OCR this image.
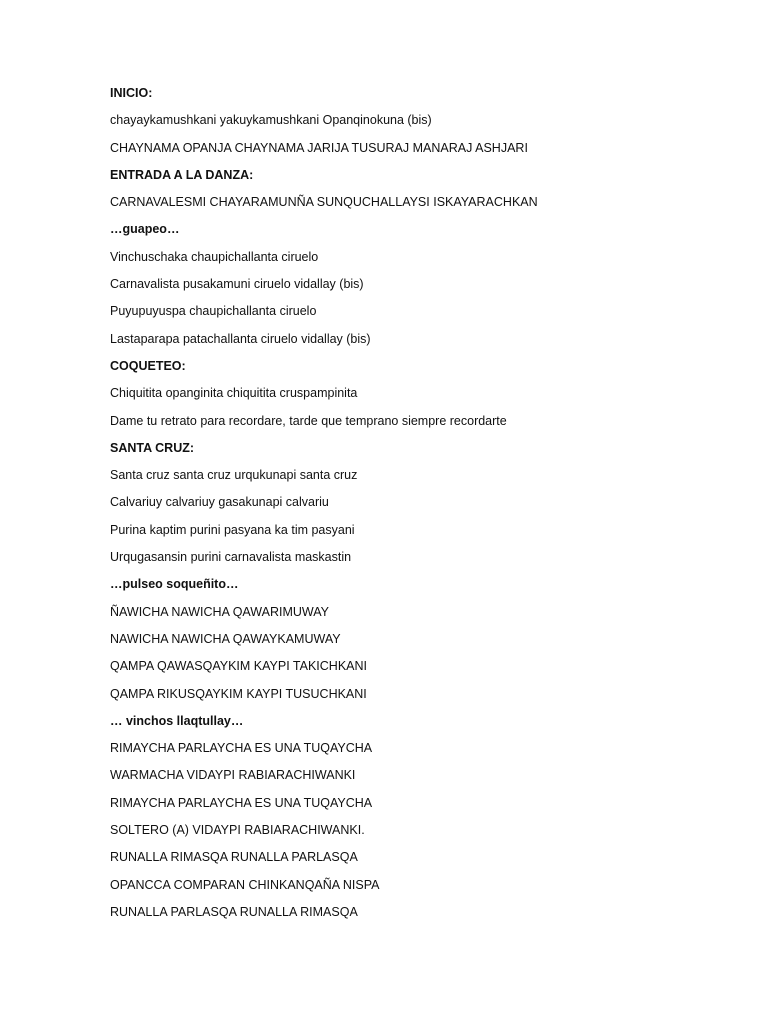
INICIO:
chayaykamushkani yakuykamushkani Opanqinokuna (bis)
CHAYNAMA OPANJA CHAYNAMA JARIJA TUSURAJ MANARAJ ASHJARI
ENTRADA A LA DANZA:
CARNAVALESMI CHAYARAMUNÑA SUNQUCHALLAYSI ISKAYARACHKAN
…guapeo…
Vinchuschaka chaupichallanta ciruelo
Carnavalista pusakamuni ciruelo vidallay (bis)
Puyupuyuspa chaupichallanta ciruelo
Lastaparapa patachallanta ciruelo vidallay (bis)
COQUETEO:
Chiquitita opanginita chiquitita cruspampinita
Dame tu retrato para recordare, tarde que temprano siempre recordarte
SANTA CRUZ:
Santa cruz santa cruz urqukunapi santa cruz
Calvariuy calvariuy gasakunapi calvariu
Purina kaptim purini pasyana ka tim pasyani
Urqugasansin purini carnavalista maskastin
…pulseo soqueñito…
ÑAWICHA NAWICHA QAWARIMUWAY
NAWICHA NAWICHA QAWAYKAMUWAY
QAMPA QAWASQAYKIM KAYPI TAKICHKANI
QAMPA RIKUSQAYKIM KAYPI TUSUCHKANI
… vinchos llaqtullay…
RIMAYCHA PARLAYCHA ES UNA TUQAYCHA
WARMACHA VIDAYPI RABIARACHIWANKI
RIMAYCHA PARLAYCHA ES UNA TUQAYCHA
SOLTERO (A) VIDAYPI RABIARACHIWANKI.
RUNALLA RIMASQA RUNALLA PARLASQA
OPANCCA COMPARAN CHINKANQAÑA NISPA
RUNALLA PARLASQA RUNALLA RIMASQA
